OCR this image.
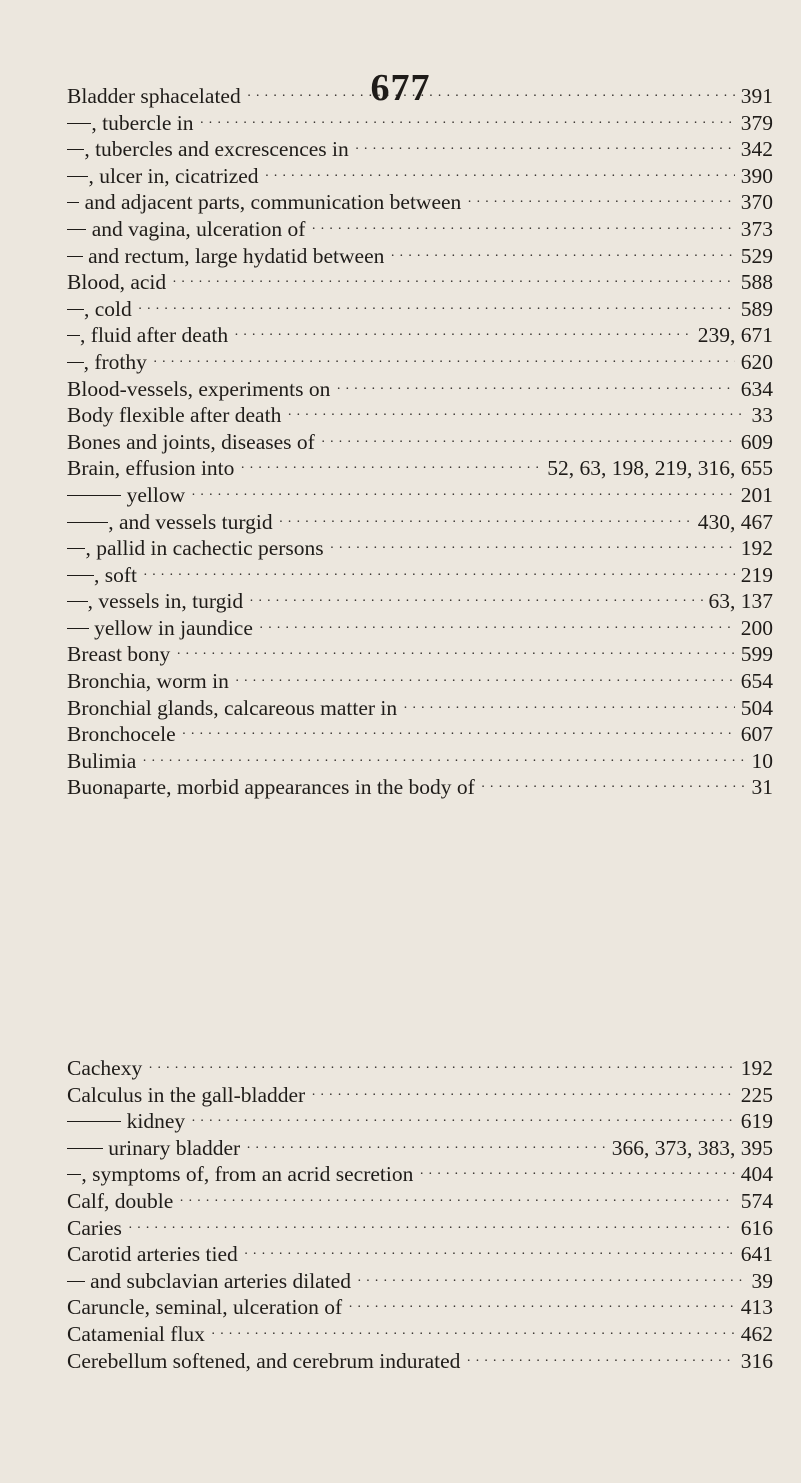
677
Bladder sphacelated ·····	391
, tubercle in ·····	379
, tubercles and excrescences in ·····	342
, ulcer in, cicatrized ·····	390
and adjacent parts, communication between ·····	370
and vagina, ulceration of ·····	373
and rectum, large hydatid between ·····	529
Blood, acid ·····	588
, cold ·····	589
, fluid after death ·····	239, 671
, frothy ·····	620
Blood-vessels, experiments on ·····	634
Body flexible after death ·····	33
Bones and joints, diseases of ·····	609
Brain, effusion into ·····	52, 63, 198, 219, 316, 655
yellow ·····	201
, and vessels turgid ·····	430, 467
, pallid in cachectic persons ·····	192
, soft ·····	219
, vessels in, turgid ·····	63, 137
yellow in jaundice ·····	200
Breast bony ·····	599
Bronchia, worm in ·····	654
Bronchial glands, calcareous matter in ·····	504
Bronchocele ·····	607
Bulimia ·····	10
Buonaparte, morbid appearances in the body of ·····	31
Cachexy ·····	192
Calculus in the gall-bladder ·····	225
kidney ·····	619
urinary bladder ·····	366, 373, 383, 395
, symptoms of, from an acrid secretion ·····	404
Calf, double ·····	574
Caries ·····	616
Carotid arteries tied ·····	641
and subclavian arteries dilated ·····	39
Caruncle, seminal, ulceration of ·····	413
Catamenial flux ·····	462
Cerebellum softened, and cerebrum indurated ·····	316
